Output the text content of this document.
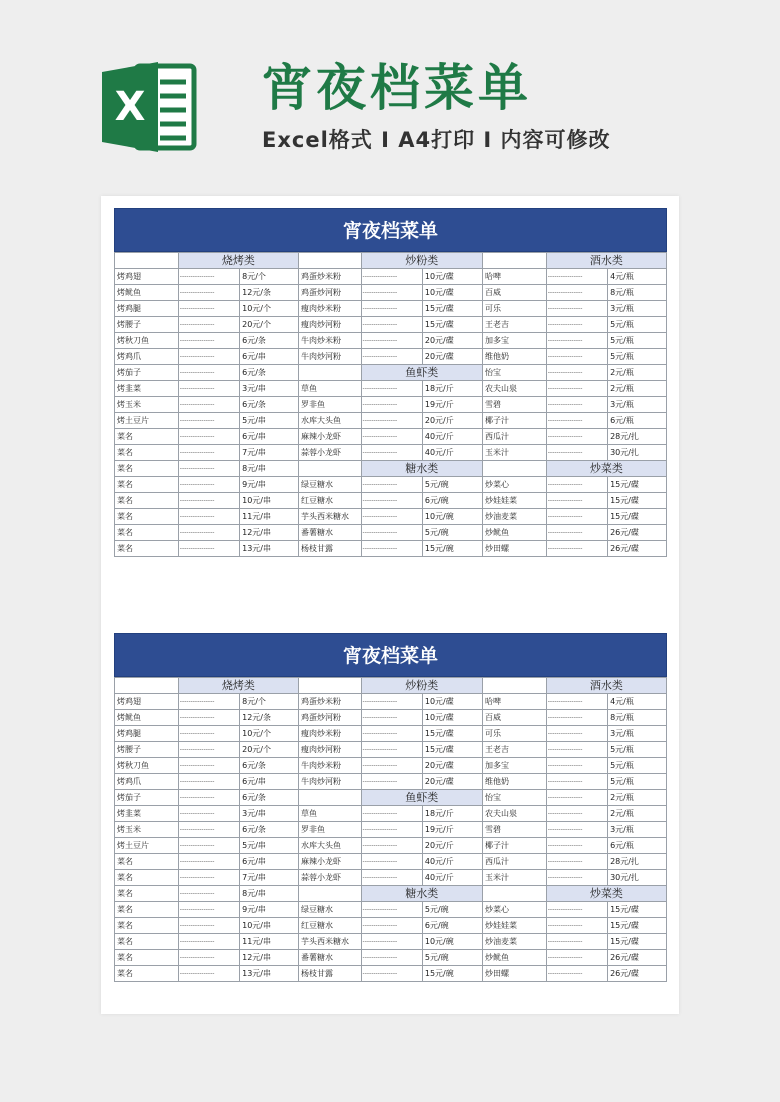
X 宵夜档菜单

Excel格式 I A4打印 I 内容可修改

宵夜档菜单
	烧烤类			炒粉类			酒水类	
烤鸡翅	----------------	8元/个	鸡蛋炒米粉	----------------	10元/碟	哈啤	----------------	4元/瓶
烤鱿鱼	----------------	12元/条	鸡蛋炒河粉	----------------	10元/碟	百威	----------------	8元/瓶
烤鸡腿	----------------	10元/个	瘦肉炒米粉	----------------	15元/碟	可乐	----------------	3元/瓶
烤腰子	----------------	20元/个	瘦肉炒河粉	----------------	15元/碟	王老吉	----------------	5元/瓶
烤秋刀鱼	----------------	6元/条	牛肉炒米粉	----------------	20元/碟	加多宝	----------------	5元/瓶
烤鸡爪	----------------	6元/串	牛肉炒河粉	----------------	20元/碟	维他奶	----------------	5元/瓶
烤茄子	----------------	6元/条		鱼虾类		怡宝	----------------	2元/瓶
烤韭菜	----------------	3元/串	草鱼	----------------	18元/斤	农夫山泉	----------------	2元/瓶
烤玉米	----------------	6元/条	罗非鱼	----------------	19元/斤	雪碧	----------------	3元/瓶
烤土豆片	----------------	5元/串	水库大头鱼	----------------	20元/斤	椰子汁	----------------	6元/瓶
菜名	----------------	6元/串	麻辣小龙虾	----------------	40元/斤	西瓜汁	----------------	28元/扎
菜名	----------------	7元/串	蒜蓉小龙虾	----------------	40元/斤	玉米汁	----------------	30元/扎
菜名	----------------	8元/串		糖水类			炒菜类	
菜名	----------------	9元/串	绿豆糖水	----------------	5元/碗	炒菜心	----------------	15元/碟
菜名	----------------	10元/串	红豆糖水	----------------	6元/碗	炒娃娃菜	----------------	15元/碟
菜名	----------------	11元/串	芋头西米糖水	----------------	10元/碗	炒油麦菜	----------------	15元/碟
菜名	----------------	12元/串	番薯糖水	----------------	5元/碗	炒鱿鱼	----------------	26元/碟
菜名	----------------	13元/串	杨枝甘露	----------------	15元/碗	炒田螺	----------------	26元/碟
宵夜档菜单
	烧烤类			炒粉类			酒水类	
烤鸡翅	----------------	8元/个	鸡蛋炒米粉	----------------	10元/碟	哈啤	----------------	4元/瓶
烤鱿鱼	----------------	12元/条	鸡蛋炒河粉	----------------	10元/碟	百威	----------------	8元/瓶
烤鸡腿	----------------	10元/个	瘦肉炒米粉	----------------	15元/碟	可乐	----------------	3元/瓶
烤腰子	----------------	20元/个	瘦肉炒河粉	----------------	15元/碟	王老吉	----------------	5元/瓶
烤秋刀鱼	----------------	6元/条	牛肉炒米粉	----------------	20元/碟	加多宝	----------------	5元/瓶
烤鸡爪	----------------	6元/串	牛肉炒河粉	----------------	20元/碟	维他奶	----------------	5元/瓶
烤茄子	----------------	6元/条		鱼虾类		怡宝	----------------	2元/瓶
烤韭菜	----------------	3元/串	草鱼	----------------	18元/斤	农夫山泉	----------------	2元/瓶
烤玉米	----------------	6元/条	罗非鱼	----------------	19元/斤	雪碧	----------------	3元/瓶
烤土豆片	----------------	5元/串	水库大头鱼	----------------	20元/斤	椰子汁	----------------	6元/瓶
菜名	----------------	6元/串	麻辣小龙虾	----------------	40元/斤	西瓜汁	----------------	28元/扎
菜名	----------------	7元/串	蒜蓉小龙虾	----------------	40元/斤	玉米汁	----------------	30元/扎
菜名	----------------	8元/串		糖水类			炒菜类	
菜名	----------------	9元/串	绿豆糖水	----------------	5元/碗	炒菜心	----------------	15元/碟
菜名	----------------	10元/串	红豆糖水	----------------	6元/碗	炒娃娃菜	----------------	15元/碟
菜名	----------------	11元/串	芋头西米糖水	----------------	10元/碗	炒油麦菜	----------------	15元/碟
菜名	----------------	12元/串	番薯糖水	----------------	5元/碗	炒鱿鱼	----------------	26元/碟
菜名	----------------	13元/串	杨枝甘露	----------------	15元/碗	炒田螺	----------------	26元/碟
